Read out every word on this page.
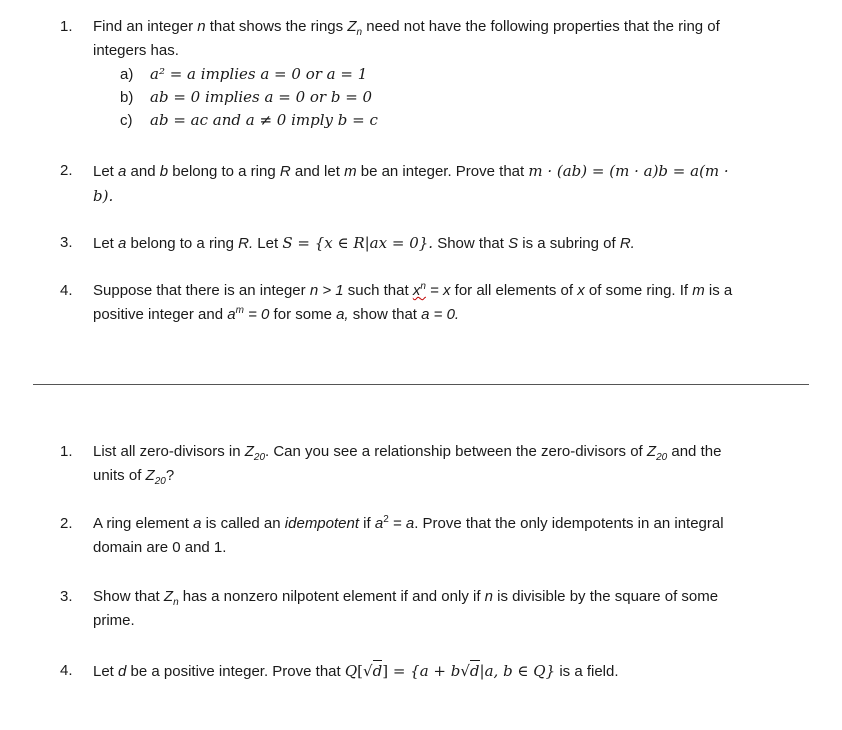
1. Find an integer n that shows the rings $Z_n$ need not have the following properties that the ring of
integers has.
a) a² = a implies a = 0 or a = 1
b) ab = 0 implies a = 0 or b = 0
c) ab = ac and a ≠ 0 imply b = c
2. Let a and b belong to a ring R and let m be an integer. Prove that m · (ab) = (m · a)b = a(m ·
b).
3. Let a belong to a ring R. Let S = {x ∈ R|ax = 0}. Show that S is a subring of R.
4. Suppose that there is an integer n > 1 such that $x^n = x$ for all elements of x of some ring. If m is a
positive integer and $a^m = 0$ for some a, show that a = 0.
1. List all zero-divisors in $Z_{20}$. Can you see a relationship between the zero-divisors of $Z_{20}$ and the
units of $Z_{20}$?
2. A ring element a is called an idempotent if $a^2 = a$. Prove that the only idempotents in an integral
domain are 0 and 1.
3. Show that $Z_n$ has a nonzero nilpotent element if and only if n is divisible by the square of some
prime.
4. Let d be a positive integer. Prove that Q[√d] = {a + b√d|a, b ∈ Q} is a field.
